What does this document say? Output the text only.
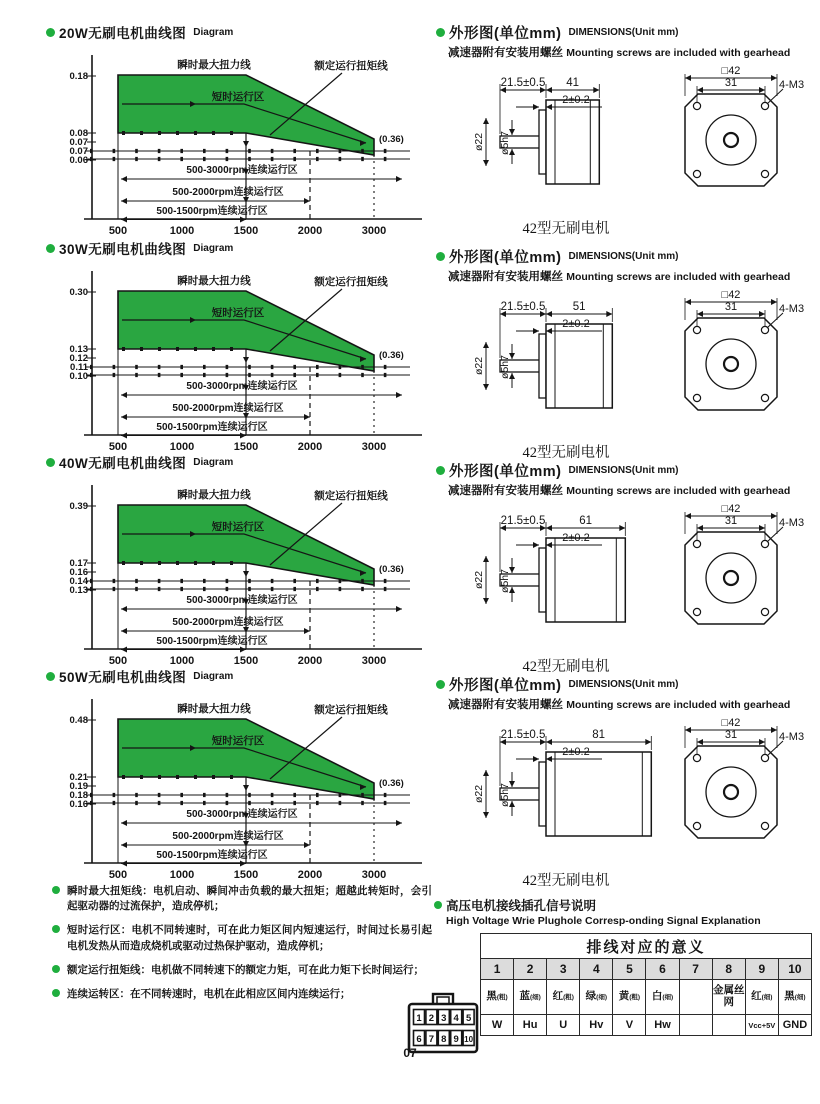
20W无刷电机曲线图 Diagram
瞬时最大扭力线
短时运行区
额定运行扭矩线
(0.36)
500-3000rpm连续运行区
500-2000rpm连续运行区
500-1500rpm连续运行区
0.18
0.08
0.07
0.07
0.06
500	1000	1500	2000	3000
30W无刷电机曲线图 Diagram
瞬时最大扭力线
短时运行区
额定运行扭矩线
(0.36)
500-3000rpm连续运行区
500-2000rpm连续运行区
500-1500rpm连续运行区
0.30
0.13
0.12
0.11
0.10
500	1000	1500	2000	3000
40W无刷电机曲线图 Diagram
瞬时最大扭力线
短时运行区
额定运行扭矩线
(0.36)
500-3000rpm连续运行区
500-2000rpm连续运行区
500-1500rpm连续运行区
0.39
0.17
0.16
0.14
0.13
500	1000	1500	2000	3000
50W无刷电机曲线图 Diagram
瞬时最大扭力线
短时运行区
额定运行扭矩线
(0.36)
500-3000rpm连续运行区
500-2000rpm连续运行区
500-1500rpm连续运行区
0.48
0.21
0.19
0.18
0.16
500	1000	1500	2000	3000
外形图(单位mm) DIMENSIONS(Unit mm)
减速器附有安装用螺丝 Mounting screws are included with gearhead
21.5±0.5 41
2±0.2
ø22 ø5h7
□42
31	4-M3
42型无刷电机
外形图(单位mm) DIMENSIONS(Unit mm)
减速器附有安装用螺丝 Mounting screws are included with gearhead
21.5±0.5 51
2±0.2
ø22 ø5h7
□42
31	4-M3
42型无刷电机
外形图(单位mm) DIMENSIONS(Unit mm)
减速器附有安装用螺丝 Mounting screws are included with gearhead
21.5±0.5	61
2±0.2
ø22 ø5h7
□42
31	4-M3
42型无刷电机
外形图(单位mm) DIMENSIONS(Unit mm)
减速器附有安装用螺丝 Mounting screws are included with gearhead
21.5±0.5	81
2±0.2
ø22 ø5h7
□42
31	4-M3
42型无刷电机
瞬时最大扭矩线：电机启动、瞬间冲击负载的最大扭矩；超越此转矩时，会引起驱动器的过流保护，造成停机；
短时运行区：电机不同转速时，可在此力矩区间内短速运行，时间过长易引起电机发热从而造成烧机或驱动过热保护驱动，造成停机；
额定运行扭矩线：电机做不同转速下的额定力矩，可在此力矩下长时间运行；
连续运转区：在不同转速时，电机在此相应区间内连续运行；
高压电机接线插孔信号说明
High Voltage Wrie Plughole Corresp-onding Signal Explanation
1 2 3 4 5
6 7 8 9 10
排线对应的意义									
1	2	3	4	5	6	7	8	9	10
黑(粗)	蓝(细)	红(粗)	绿(细)	黄(粗)	白(细)		金属丝网	红(细)	黑(细)
W	Hu	U	Hv	V	Hw			Vcc+5V	GND
07
